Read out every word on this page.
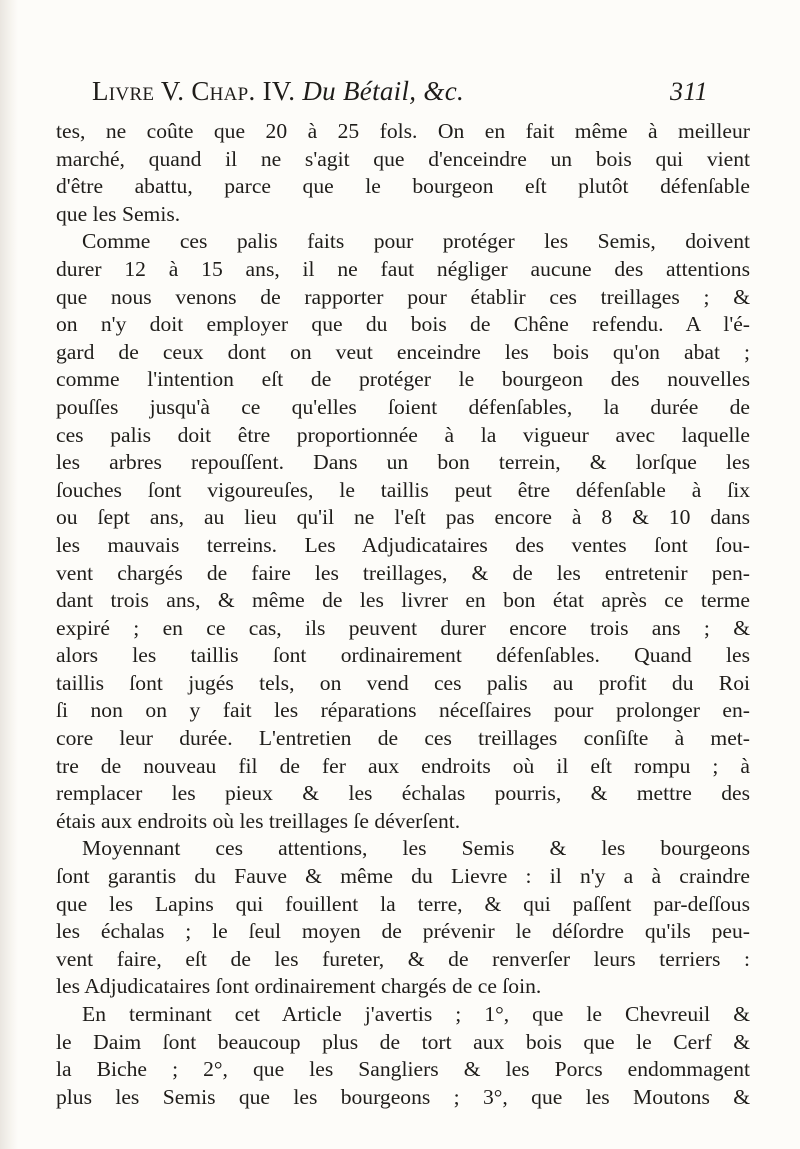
Livre V. Chap. IV. Du Bétail, &c.	311
tes, ne coûte que 20 à 25 fols. On en fait même à meilleur
marché, quand il ne s'agit que d'enceindre un bois qui vient
d'être abattu, parce que le bourgeon eſt plutôt défenſable
que les Semis.
Comme ces palis faits pour protéger les Semis, doivent
durer 12 à 15 ans, il ne faut négliger aucune des attentions
que nous venons de rapporter pour établir ces treillages ; &
on n'y doit employer que du bois de Chêne refendu. A l'é-
gard de ceux dont on veut enceindre les bois qu'on abat ;
comme l'intention eſt de protéger le bourgeon des nouvelles
pouſſes jusqu'à ce qu'elles ſoient défenſables, la durée de
ces palis doit être proportionnée à la vigueur avec laquelle
les arbres repouſſent. Dans un bon terrein, & lorſque les
ſouches ſont vigoureuſes, le taillis peut être défenſable à ſix
ou ſept ans, au lieu qu'il ne l'eſt pas encore à 8 & 10 dans
les mauvais terreins. Les Adjudicataires des ventes ſont ſou-
vent chargés de faire les treillages, & de les entretenir pen-
dant trois ans, & même de les livrer en bon état après ce terme
expiré ; en ce cas, ils peuvent durer encore trois ans ; &
alors les taillis ſont ordinairement défenſables. Quand les
taillis ſont jugés tels, on vend ces palis au profit du Roi
ſi non on y fait les réparations néceſſaires pour prolonger en-
core leur durée. L'entretien de ces treillages conſiſte à met-
tre de nouveau fil de fer aux endroits où il eſt rompu ; à
remplacer les pieux & les échalas pourris, & mettre des
étais aux endroits où les treillages ſe déverſent.
Moyennant ces attentions, les Semis & les bourgeons
ſont garantis du Fauve & même du Lievre : il n'y a à craindre
que les Lapins qui fouillent la terre, & qui paſſent par-deſſous
les échalas ; le ſeul moyen de prévenir le déſordre qu'ils peu-
vent faire, eſt de les fureter, & de renverſer leurs terriers :
les Adjudicataires ſont ordinairement chargés de ce ſoin.
En terminant cet Article j'avertis ; 1°, que le Chevreuil &
le Daim ſont beaucoup plus de tort aux bois que le Cerf &
la Biche ; 2°, que les Sangliers & les Porcs endommagent
plus les Semis que les bourgeons ; 3°, que les Moutons &
